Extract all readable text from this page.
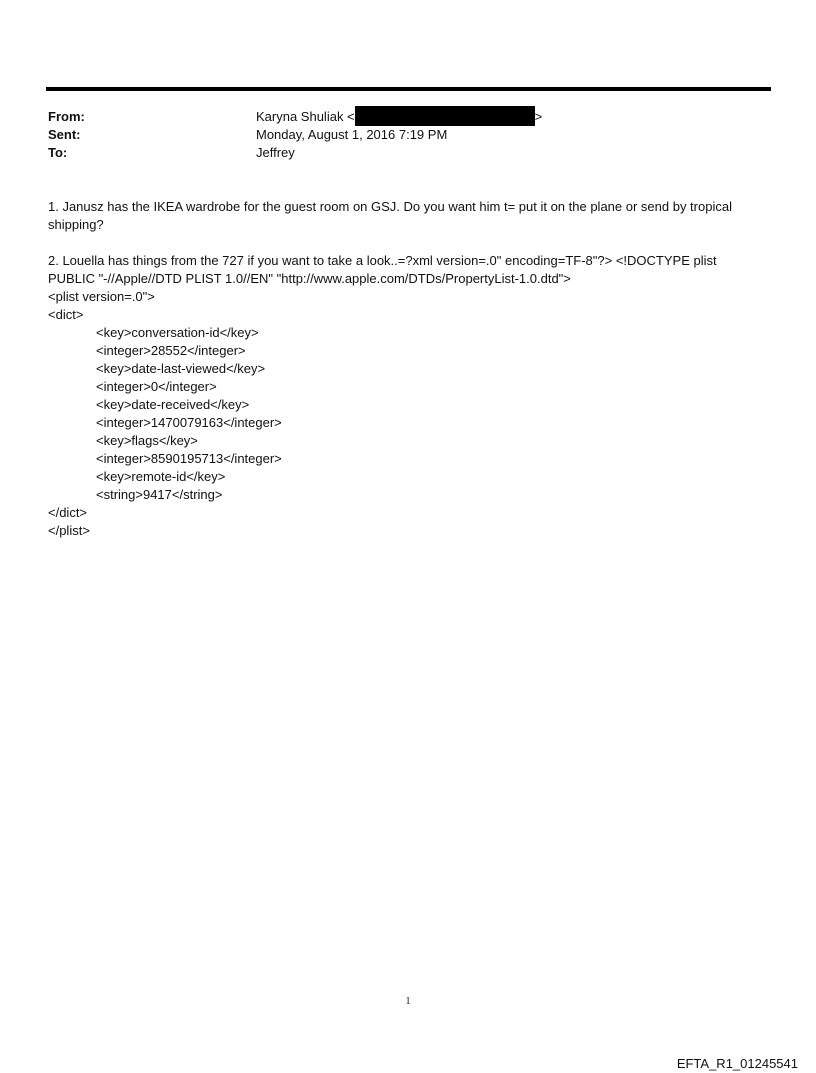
From:	Karyna Shuliak <	>
Sent:	Monday, August 1, 2016 7:19 PM
To:	Jeffrey
1. Janusz has the IKEA wardrobe for the guest room on GSJ. Do you want him t= put it on the plane or send by tropical shipping?
2. Louella has things from the 727 if you want to take a look..=?xml version=.0" encoding=TF-8"?> <!DOCTYPE plist
PUBLIC "-//Apple//DTD PLIST 1.0//EN" "http://www.apple.com/DTDs/PropertyList-1.0.dtd">
<plist version=.0">
<dict>
<key>conversation-id</key>
<integer>28552</integer>
<key>date-last-viewed</key>
<integer>0</integer>
<key>date-received</key>
<integer>1470079163</integer>
<key>flags</key>
<integer>8590195713</integer>
<key>remote-id</key>
<string>9417</string>
</dict>
</plist>
1
EFTA_R1_01245541
